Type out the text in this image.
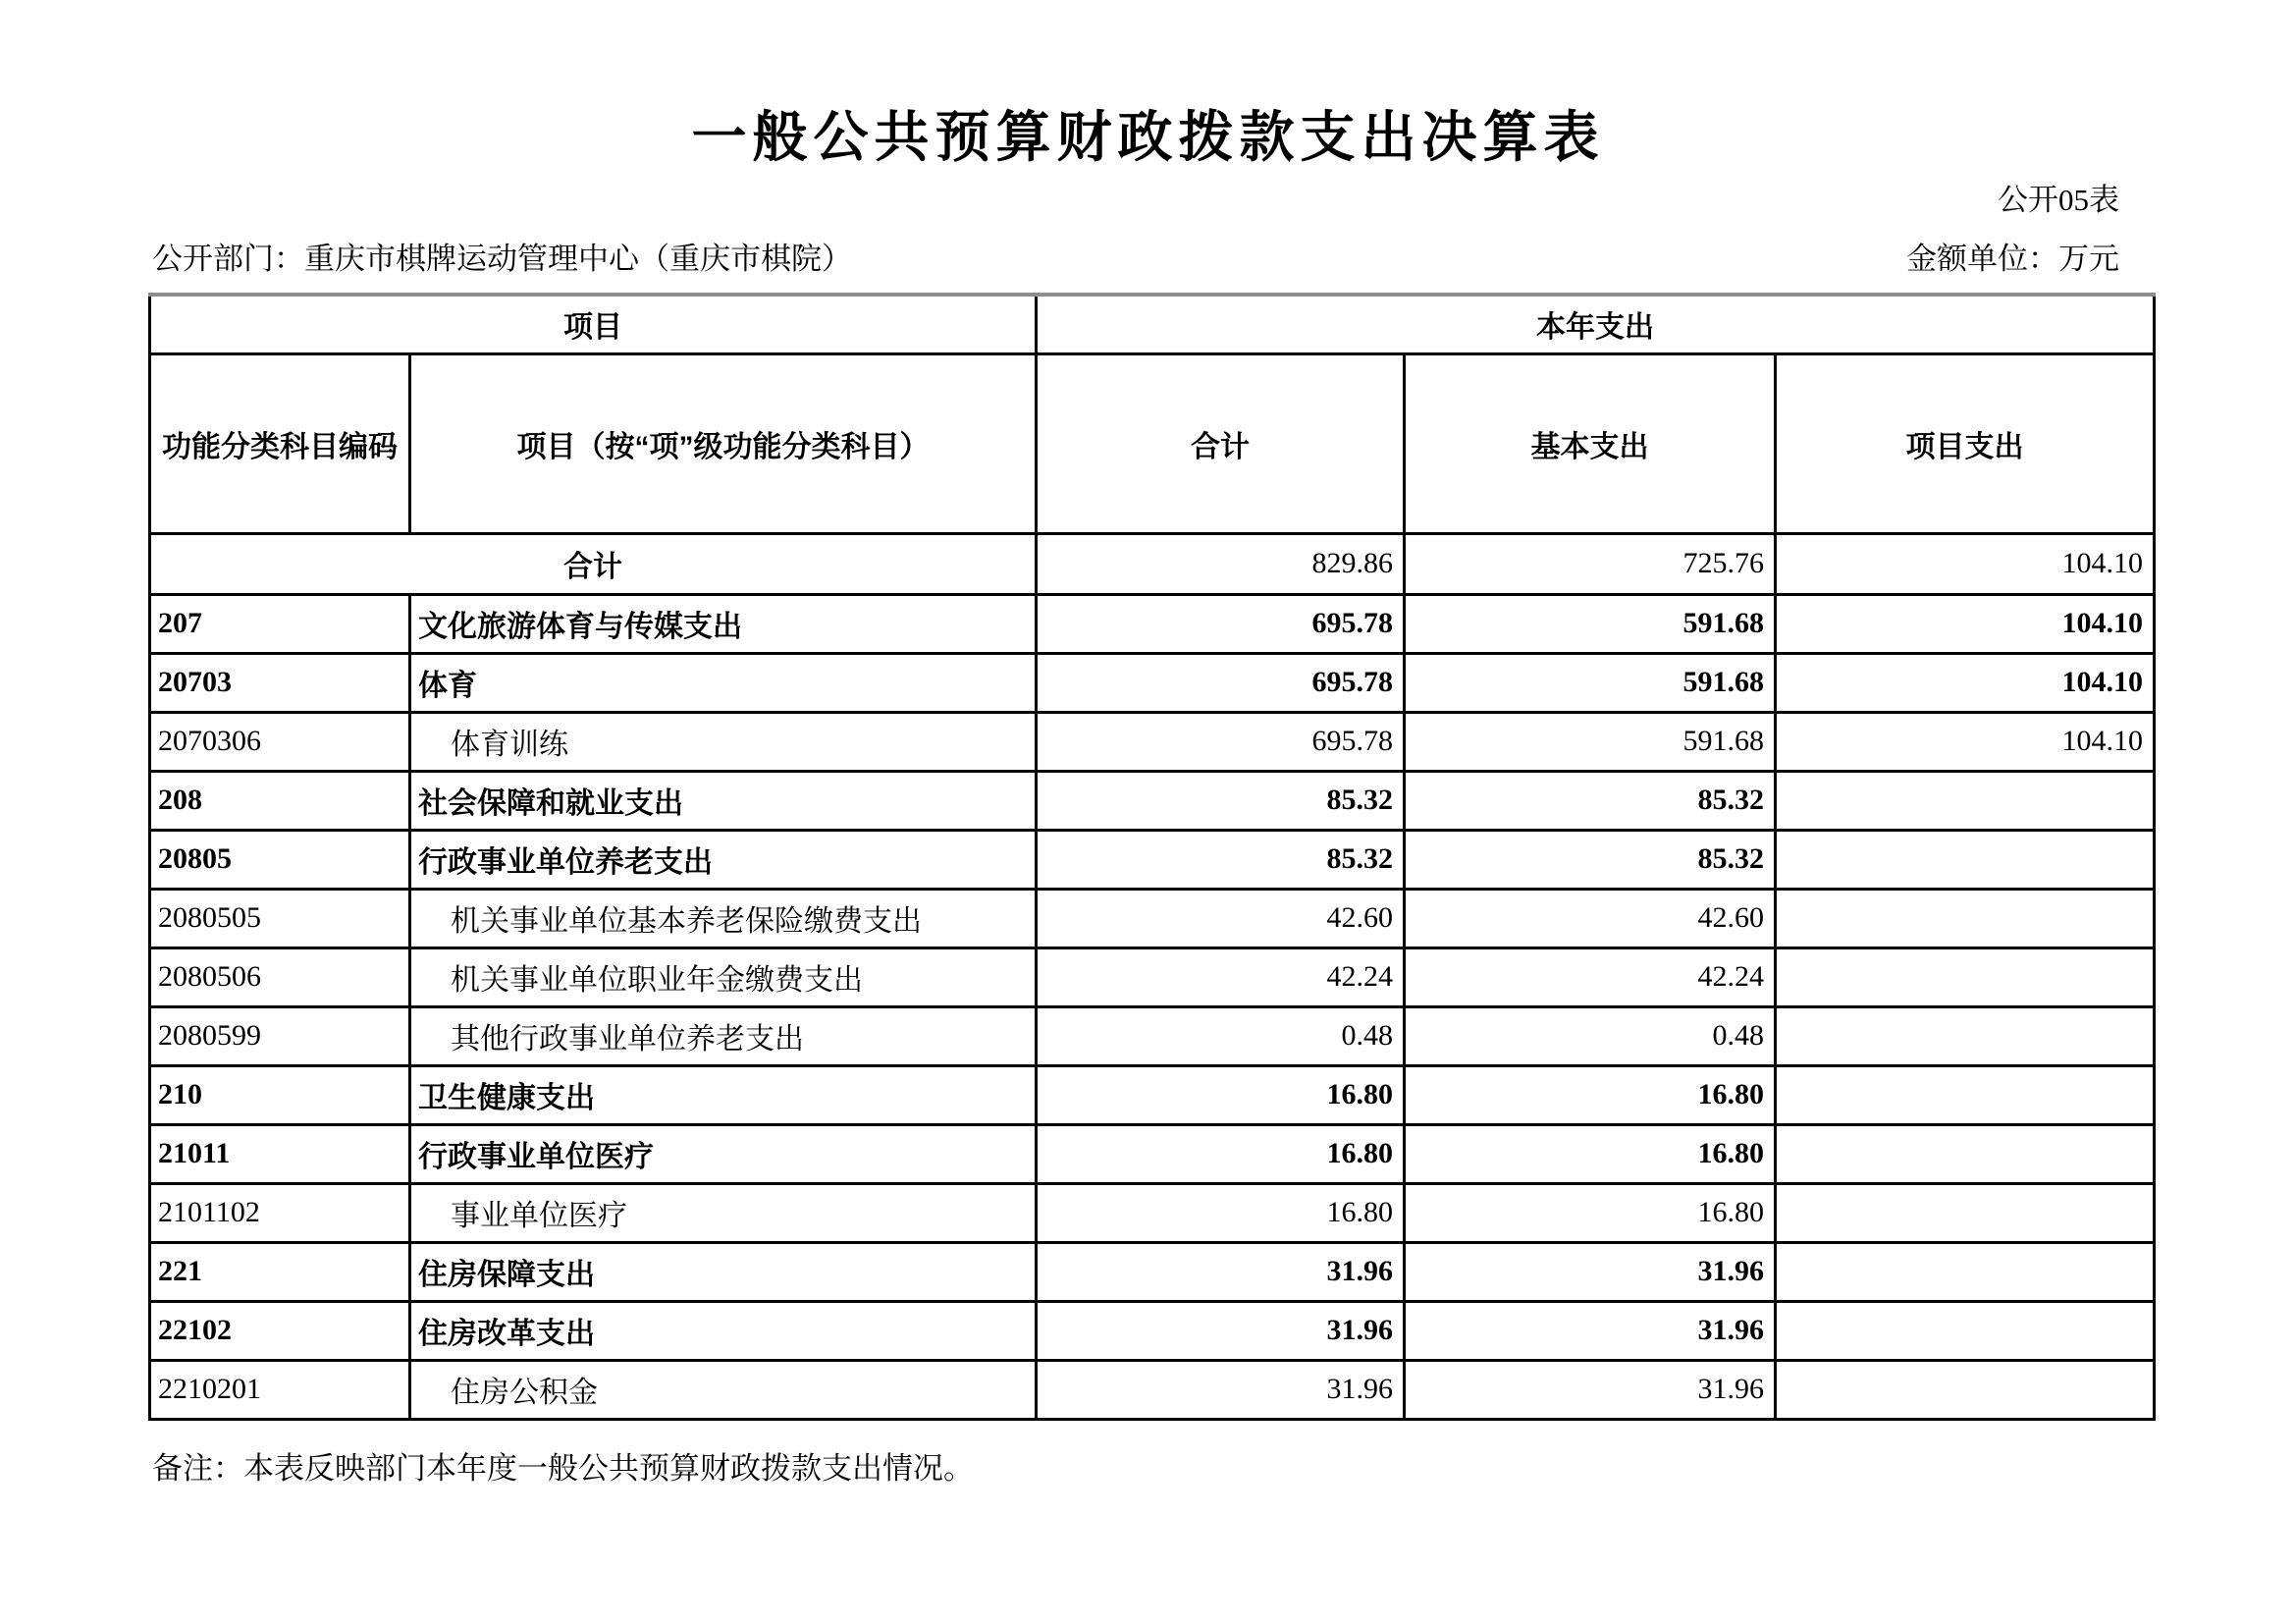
一般公共预算财政拨款支出决算表
公开05表
公开部门：重庆市棋牌运动管理中心（重庆市棋院）	金额单位：万元
项目		本年支出		
功能分类科目编码	项目（按“项”级功能分类科目）	合计	基本支出	项目支出
合计		829.86	725.76	104.10
207	文化旅游体育与传媒支出	695.78	591.68	104.10
20703	体育	695.78	591.68	104.10
2070306	体育训练	695.78	591.68	104.10
208	社会保障和就业支出	85.32	85.32	
20805	行政事业单位养老支出	85.32	85.32	
2080505	机关事业单位基本养老保险缴费支出	42.60	42.60	
2080506	机关事业单位职业年金缴费支出	42.24	42.24	
2080599	其他行政事业单位养老支出	0.48	0.48	
210	卫生健康支出	16.80	16.80	
21011	行政事业单位医疗	16.80	16.80	
2101102	事业单位医疗	16.80	16.80	
221	住房保障支出	31.96	31.96	
22102	住房改革支出	31.96	31.96	
2210201	住房公积金	31.96	31.96	
备注：本表反映部门本年度一般公共预算财政拨款支出情况。
